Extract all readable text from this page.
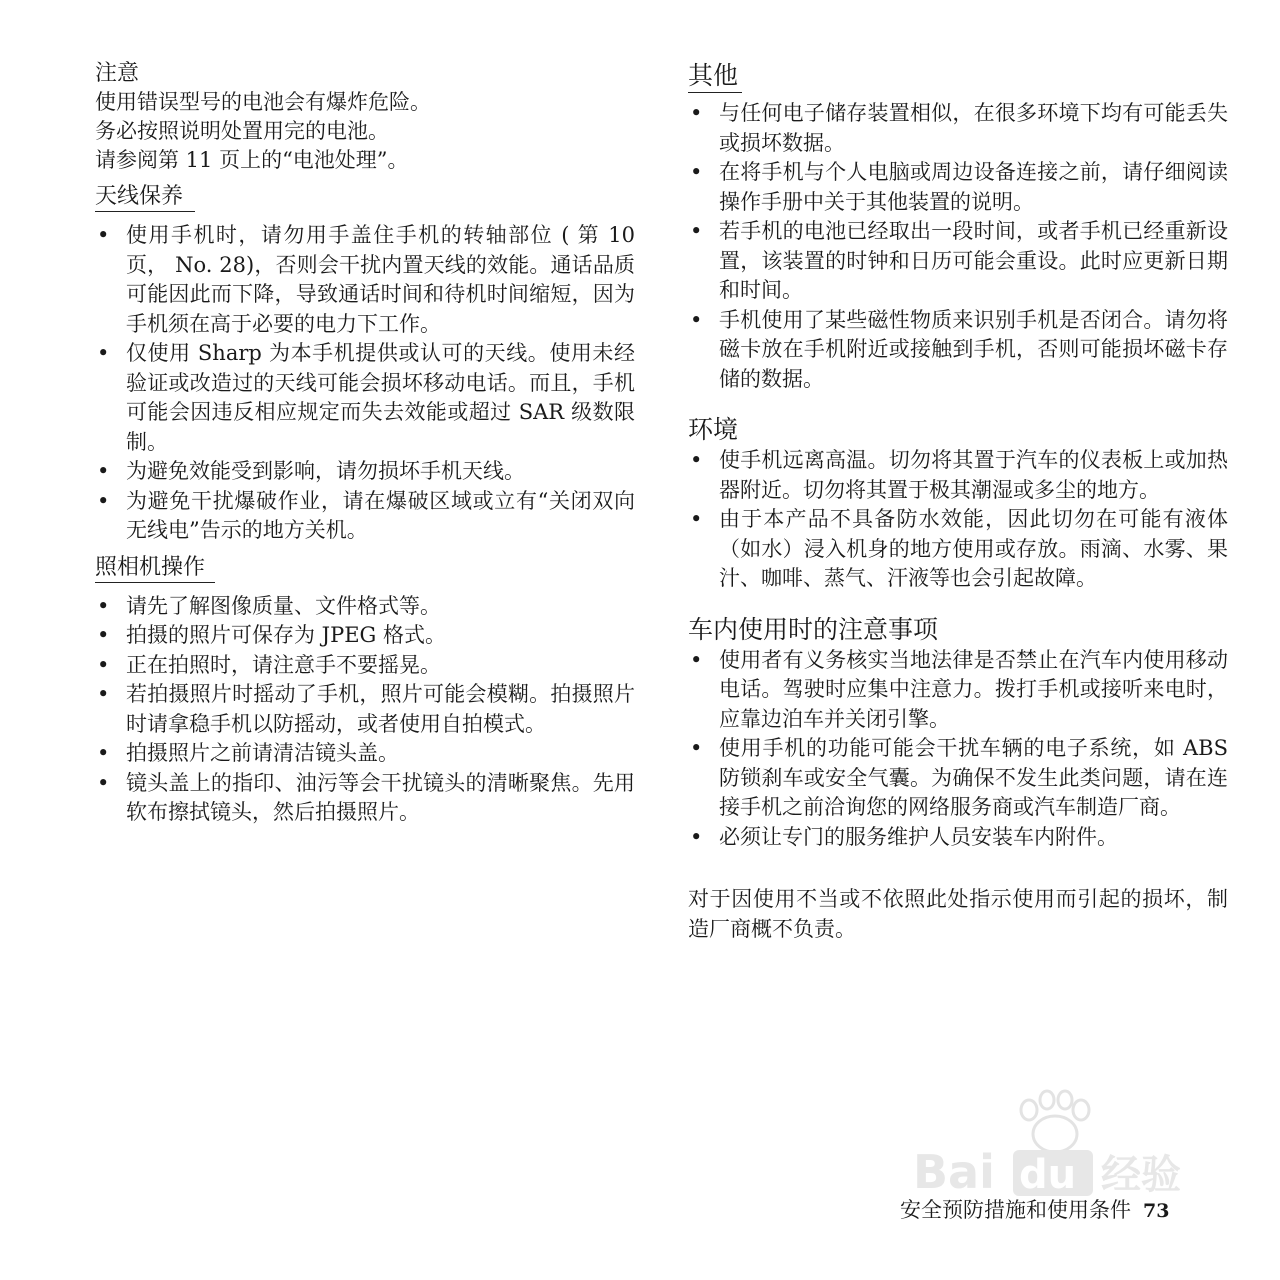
注意
使用错误型号的电池会有爆炸危险。
务必按照说明处置用完的电池。
请参阅第 11 页上的“电池处理”。
天线保养
• 使用手机时，请勿用手盖住手机的转轴部位 ( 第 10 页， No. 28)，否则会干扰内置天线的效能。通话品质可能因此而下降，导致通话时间和待机时间缩短，因为手机须在高于必要的电力下工作。
• 仅使用 Sharp 为本手机提供或认可的天线。使用未经验证或改造过的天线可能会损坏移动电话。而且，手机可能会因违反相应规定而失去效能或超过 SAR 级数限制。
• 为避免效能受到影响，请勿损坏手机天线。
• 为避免干扰爆破作业，请在爆破区域或立有“关闭双向无线电”告示的地方关机。
照相机操作
• 请先了解图像质量、文件格式等。
• 拍摄的照片可保存为 JPEG 格式。
• 正在拍照时，请注意手不要摇晃。
• 若拍摄照片时摇动了手机，照片可能会模糊。拍摄照片时请拿稳手机以防摇动，或者使用自拍模式。
• 拍摄照片之前请清洁镜头盖。
• 镜头盖上的指印、油污等会干扰镜头的清晰聚焦。先用软布擦拭镜头，然后拍摄照片。
其他
• 与任何电子储存装置相似，在很多环境下均有可能丢失或损坏数据。
• 在将手机与个人电脑或周边设备连接之前，请仔细阅读操作手册中关于其他装置的说明。
• 若手机的电池已经取出一段时间，或者手机已经重新设置，该装置的时钟和日历可能会重设。此时应更新日期和时间。
• 手机使用了某些磁性物质来识别手机是否闭合。请勿将磁卡放在手机附近或接触到手机，否则可能损坏磁卡存储的数据。
环境
• 使手机远离高温。切勿将其置于汽车的仪表板上或加热器附近。切勿将其置于极其潮湿或多尘的地方。
• 由于本产品不具备防水效能，因此切勿在可能有液体（如水）浸入机身的地方使用或存放。雨滴、水雾、果汁、咖啡、蒸气、汗液等也会引起故障。
车内使用时的注意事项
• 使用者有义务核实当地法律是否禁止在汽车内使用移动电话。驾驶时应集中注意力。拨打手机或接听来电时，应靠边泊车并关闭引擎。
• 使用手机的功能可能会干扰车辆的电子系统，如 ABS 防锁刹车或安全气囊。为确保不发生此类问题，请在连接手机之前洽询您的网络服务商或汽车制造厂商。
• 必须让专门的服务维护人员安装车内附件。

对于因使用不当或不依照此处指示使用而引起的损坏，制造厂商概不负责。

Bai du 经验
安全预防措施和使用条件 73
